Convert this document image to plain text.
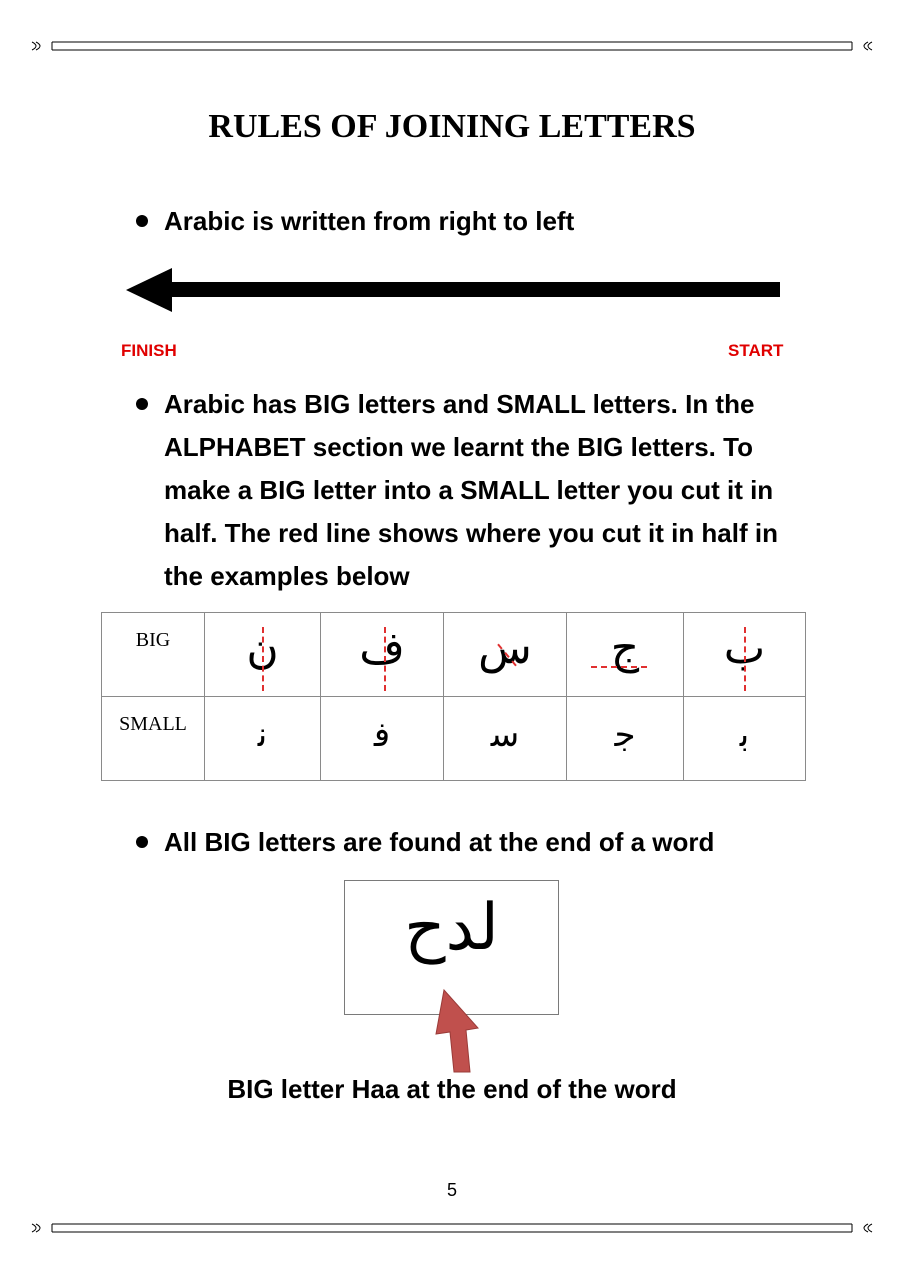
RULES OF JOINING LETTERS
Arabic is written from right to left
FINISH	START
Arabic has BIG letters and SMALL letters. In the ALPHABET section we learnt the BIG letters. To make a BIG letter into a SMALL letter you cut it in half. The red line shows where you cut it in half in the examples below
BIG	ن	ف	س	ج	ب

SMALL	ﻧ	ﻓ	ﺳ	ﺟ	ﺑ
All BIG letters are found at the end of a word
لدح
BIG letter Haa at the end of the word
5
